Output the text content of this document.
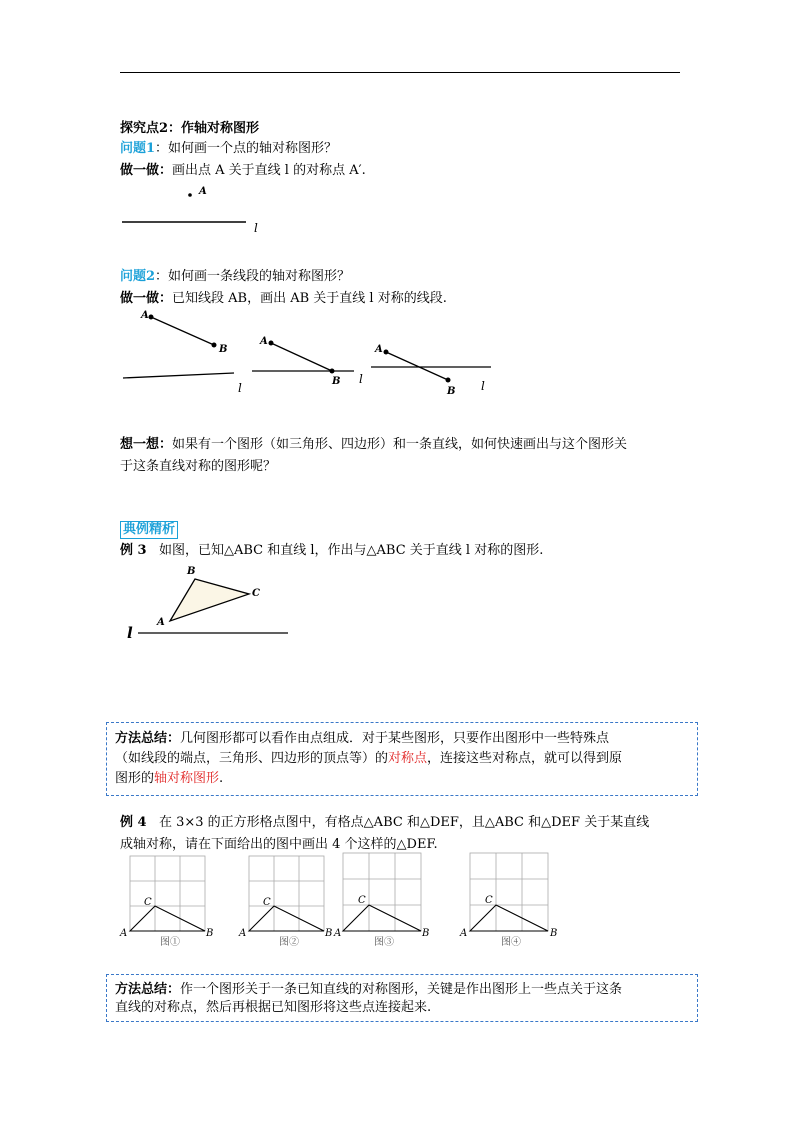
探究点2：作轴对称图形
问题1：如何画一个点的轴对称图形？
做一做：画出点 A 关于直线 l 的对称点 A′.
A
l
问题2：如何画一条线段的轴对称图形？
做一做：已知线段 AB，画出 AB 关于直线 l 对称的线段.
A
B
l
A
B l
A
B l
想一想：如果有一个图形（如三角形、四边形）和一条直线，如何快速画出与这个图形关
于这条直线对称的图形呢？
典例精析
例 3 如图，已知△ABC 和直线 l，作出与△ABC 关于直线 l 对称的图形.
B
C
A
l
方法总结：几何图形都可以看作由点组成．对于某些图形，只要作出图形中一些特殊点
（如线段的端点，三角形、四边形的顶点等）的对称点，连接这些对称点，就可以得到原
图形的轴对称图形.
例 4 在 3×3 的正方形格点图中，有格点△ABC 和△DEF，且△ABC 和△DEF 关于某直线
成轴对称，请在下面给出的图中画出 4 个这样的△DEF.
A	B
C
图①
A	B
C
图②
A	B
C
图③
A	B
C
图④
方法总结：作一个图形关于一条已知直线的对称图形，关键是作出图形上一些点关于这条
直线的对称点，然后再根据已知图形将这些点连接起来.
